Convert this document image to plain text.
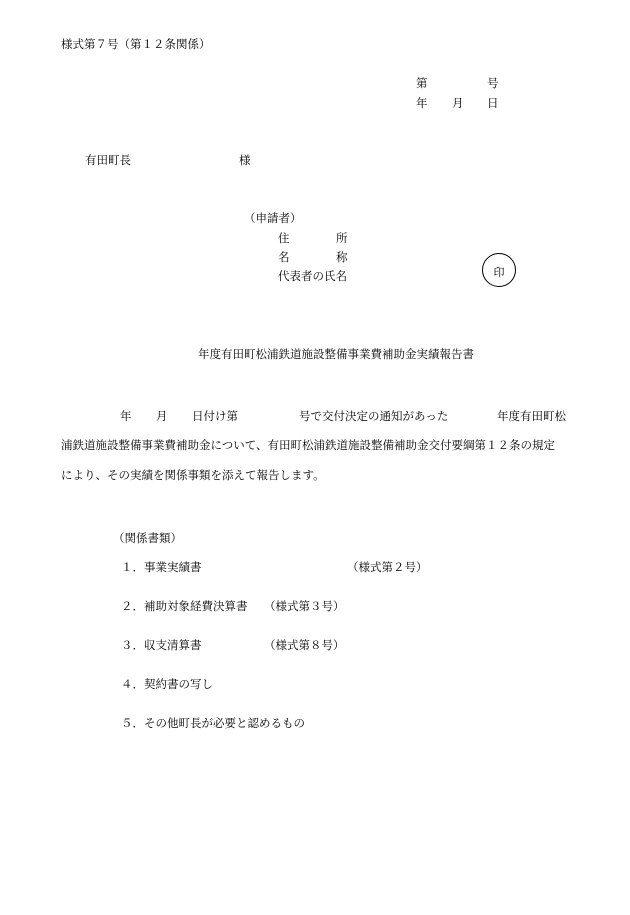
様式第７号（第１２条関係）
第	号
年 月 日
有田町長	様
（申請者）
住	所
名	称
代表者の氏名	印
年度有田町松浦鉄道施設整備事業費補助金実績報告書
年 月 日付け第	号で交付決定の通知があった	年度有田町松
浦鉄道施設整備事業費補助金について、有田町松浦鉄道施設整備補助金交付要綱第１２条の規定
により、その実績を関係事類を添えて報告します。
（関係書類）
１．事業実績書	（様式第２号）
２．補助対象経費決算書 （様式第３号）
３．収支清算書	（様式第８号）
４．契約書の写し
５．その他町長が必要と認めるもの
